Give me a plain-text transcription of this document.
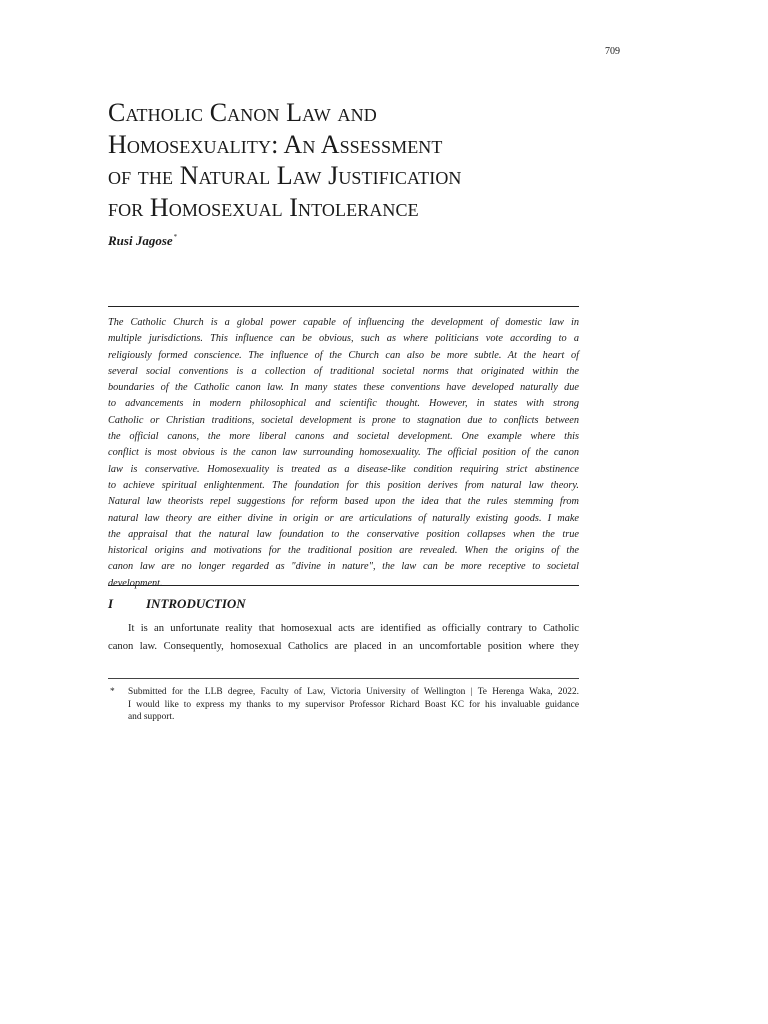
709
Catholic Canon Law and
Homosexuality: An Assessment
of the Natural Law Justification
for Homosexual Intolerance
Rusi Jagose*
The Catholic Church is a global power capable of influencing the development of domestic law in
multiple jurisdictions. This influence can be obvious, such as where politicians vote according to a
religiously formed conscience. The influence of the Church can also be more subtle. At the heart of
several social conventions is a collection of traditional societal norms that originated within the
boundaries of the Catholic canon law. In many states these conventions have developed naturally due
to advancements in modern philosophical and scientific thought. However, in states with strong
Catholic or Christian traditions, societal development is prone to stagnation due to conflicts between
the official canons, the more liberal canons and societal development. One example where this
conflict is most obvious is the canon law surrounding homosexuality. The official position of the canon
law is conservative. Homosexuality is treated as a disease-like condition requiring strict abstinence
to achieve spiritual enlightenment. The foundation for this position derives from natural law theory.
Natural law theorists repel suggestions for reform based upon the idea that the rules stemming from
natural law theory are either divine in origin or are articulations of naturally existing goods. I make
the appraisal that the natural law foundation to the conservative position collapses when the true
historical origins and motivations for the traditional position are revealed. When the origins of the
canon law are no longer regarded as "divine in nature", the law can be more receptive to societal
development.
I	INTRODUCTION
It is an unfortunate reality that homosexual acts are identified as officially contrary to Catholic
canon law. Consequently, homosexual Catholics are placed in an uncomfortable position where they
* Submitted for the LLB degree, Faculty of Law, Victoria University of Wellington | Te Herenga Waka, 2022.
I would like to express my thanks to my supervisor Professor Richard Boast KC for his invaluable guidance
and support.
